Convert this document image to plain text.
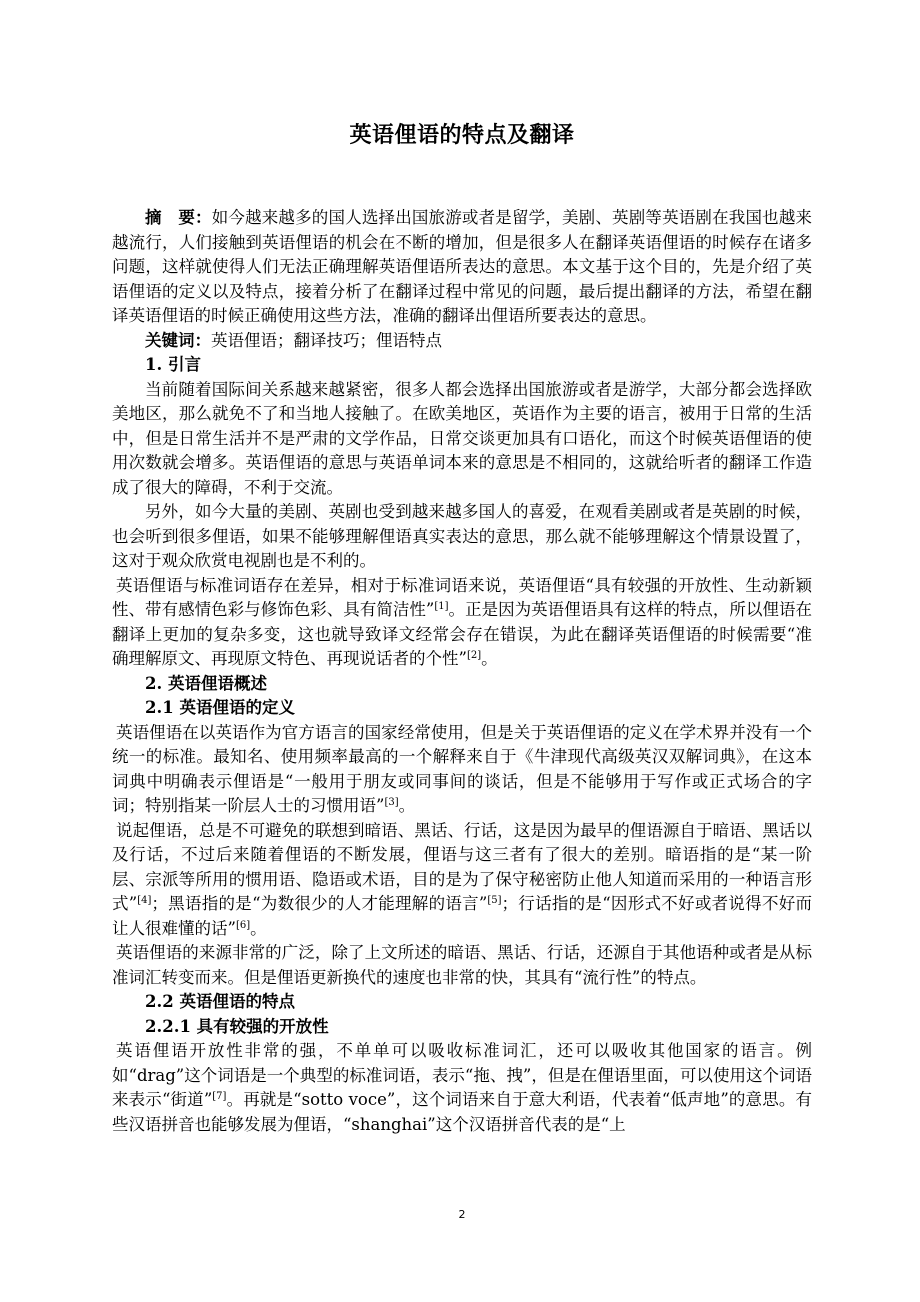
英语俚语的特点及翻译

摘　要：如今越来越多的国人选择出国旅游或者是留学，美剧、英剧等英语剧在我国也越来越流行，人们接触到英语俚语的机会在不断的增加，但是很多人在翻译英语俚语的时候存在诸多问题，这样就使得人们无法正确理解英语俚语所表达的意思。本文基于这个目的，先是介绍了英语俚语的定义以及特点，接着分析了在翻译过程中常见的问题，最后提出翻译的方法，希望在翻译英语俚语的时候正确使用这些方法，准确的翻译出俚语所要表达的意思。

关键词：英语俚语；翻译技巧；俚语特点

1. 引言

当前随着国际间关系越来越紧密，很多人都会选择出国旅游或者是游学，大部分都会选择欧美地区，那么就免不了和当地人接触了。在欧美地区，英语作为主要的语言，被用于日常的生活中，但是日常生活并不是严肃的文学作品，日常交谈更加具有口语化，而这个时候英语俚语的使用次数就会增多。英语俚语的意思与英语单词本来的意思是不相同的，这就给听者的翻译工作造成了很大的障碍，不利于交流。

另外，如今大量的美剧、英剧也受到越来越多国人的喜爱，在观看美剧或者是英剧的时候，也会听到很多俚语，如果不能够理解俚语真实表达的意思，那么就不能够理解这个情景设置了，这对于观众欣赏电视剧也是不利的。

英语俚语与标准词语存在差异，相对于标准词语来说，英语俚语“具有较强的开放性、生动新颖性、带有感情色彩与修饰色彩、具有简洁性”[1]。正是因为英语俚语具有这样的特点，所以俚语在翻译上更加的复杂多变，这也就导致译文经常会存在错误，为此在翻译英语俚语的时候需要“准确理解原文、再现原文特色、再现说话者的个性”[2]。

2. 英语俚语概述

2.1 英语俚语的定义

英语俚语在以英语作为官方语言的国家经常使用，但是关于英语俚语的定义在学术界并没有一个统一的标准。最知名、使用频率最高的一个解释来自于《牛津现代高级英汉双解词典》，在这本词典中明确表示俚语是“一般用于朋友或同事间的谈话，但是不能够用于写作或正式场合的字词；特别指某一阶层人士的习惯用语”[3]。

说起俚语，总是不可避免的联想到暗语、黑话、行话，这是因为最早的俚语源自于暗语、黑话以及行话，不过后来随着俚语的不断发展，俚语与这三者有了很大的差别。暗语指的是“某一阶层、宗派等所用的惯用语、隐语或术语，目的是为了保守秘密防止他人知道而采用的一种语言形式”[4]；黑语指的是“为数很少的人才能理解的语言”[5]；行话指的是“因形式不好或者说得不好而让人很难懂的话”[6]。

英语俚语的来源非常的广泛，除了上文所述的暗语、黑话、行话，还源自于其他语种或者是从标准词汇转变而来。但是俚语更新换代的速度也非常的快，其具有“流行性”的特点。

2.2 英语俚语的特点

2.2.1 具有较强的开放性

英语俚语开放性非常的强，不单单可以吸收标准词汇，还可以吸收其他国家的语言。例如“drag”这个词语是一个典型的标准词语，表示“拖、拽”，但是在俚语里面，可以使用这个词语来表示“街道”[7]。再就是“sotto voce”，这个词语来自于意大利语，代表着“低声地”的意思。有些汉语拼音也能够发展为俚语，“shanghai”这个汉语拼音代表的是“上

2
